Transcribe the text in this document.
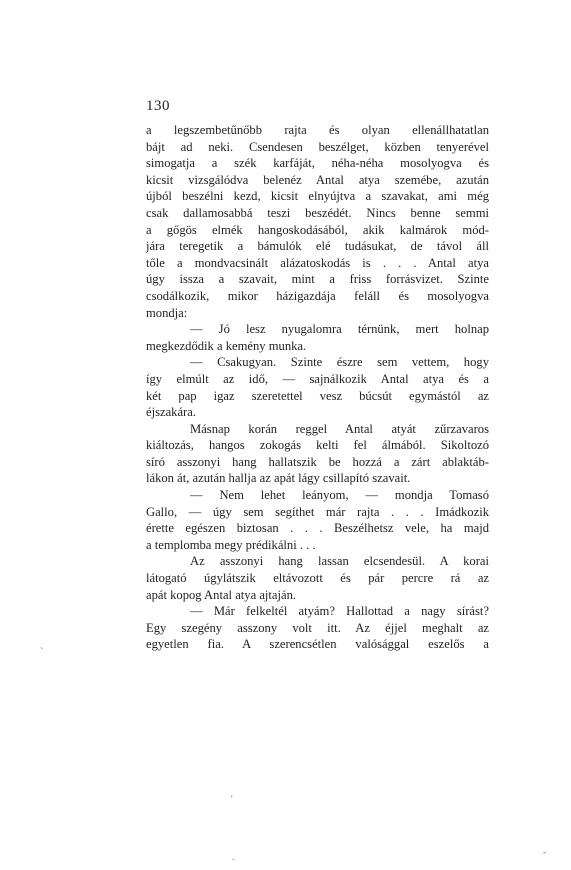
130
a legszembetűnőbb rajta és olyan ellenállhatatlan
bájt ad neki. Csendesen beszélget, közben tenyerével
simogatja a szék karfáját, néha-néha mosolyogva és
kicsit vizsgálódva belenéz Antal atya szemébe, azután
újból beszélni kezd, kicsit elnyújtva a szavakat, ami még
csak dallamosabbá teszi beszédét. Nincs benne semmi
a gőgös elmék hangoskodásából, akik kalmárok mód-
jára teregetik a bámulók elé tudásukat, de távol áll
tőle a mondvacsinált alázatoskodás is . . . Antal atya
úgy issza a szavait, mint a friss forrásvizet. Szinte
csodálkozik, mikor házigazdája feláll és mosolyogva
mondja:
— Jó lesz nyugalomra térnünk, mert holnap
megkezdődik a kemény munka.
— Csakugyan. Szinte észre sem vettem, hogy
így elmúlt az idő, — sajnálkozik Antal atya és a
két pap igaz szeretettel vesz búcsút egymástól az
éjszakára.
Másnap korán reggel Antal atyát zűrzavaros
kiáltozás, hangos zokogás kelti fel álmából. Sikoltozó
síró asszonyi hang hallatszik be hozzá a zárt ablaktáb-
lákon át, azután hallja az apát lágy csillapító szavait.
— Nem lehet leányom, — mondja Tomasó
Gallo, — úgy sem segíthet már rajta . . . Imádkozik
érette egészen biztosan . . . Beszélhetsz vele, ha majd
a templomba megy prédikálni . . .
Az asszonyi hang lassan elcsendesül. A korai
látogató úgylátszik eltávozott és pár percre rá az
apát kopog Antal atya ajtaján.
— Már felkeltél atyám? Hallottad a nagy sírást?
Egy szegény asszony volt itt. Az éjjel meghalt az
egyetlen fia. A szerencsétlen valósággal eszelős a
`
'
.	-
